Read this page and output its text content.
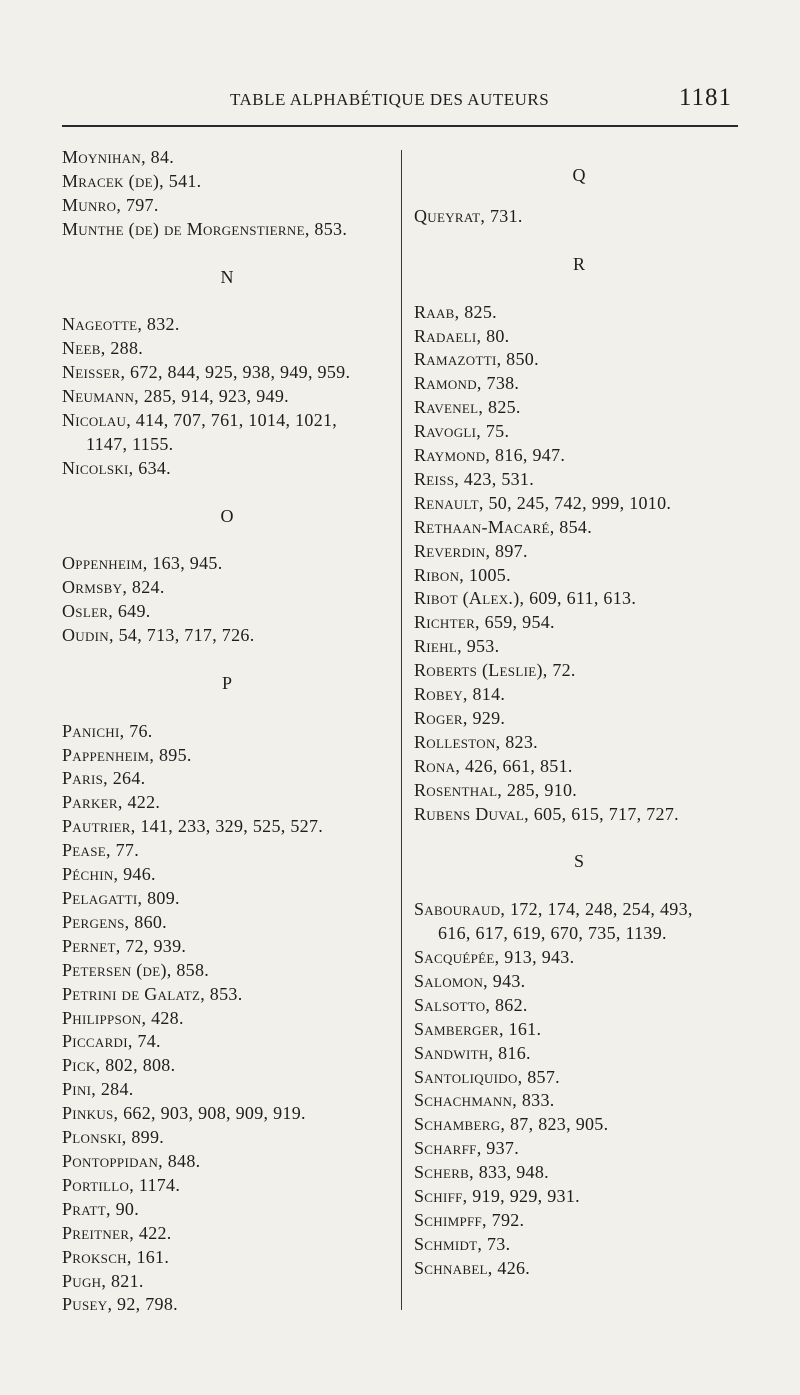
TABLE ALPHABÉTIQUE DES AUTEURS	1181
Moynihan, 84.
Mracek (de), 541.
Munro, 797.
Munthe (de) de Morgenstierne, 853.
N
Nageotte, 832.
Neeb, 288.
Neisser, 672, 844, 925, 938, 949, 959.
Neumann, 285, 914, 923, 949.
Nicolau, 414, 707, 761, 1014, 1021,
1147, 1155.
Nicolski, 634.
O
Oppenheim, 163, 945.
Ormsby, 824.
Osler, 649.
Oudin, 54, 713, 717, 726.
P
Panichi, 76.
Pappenheim, 895.
Paris, 264.
Parker, 422.
Pautrier, 141, 233, 329, 525, 527.
Pease, 77.
Péchin, 946.
Pelagatti, 809.
Pergens, 860.
Pernet, 72, 939.
Petersen (de), 858.
Petrini de Galatz, 853.
Philippson, 428.
Piccardi, 74.
Pick, 802, 808.
Pini, 284.
Pinkus, 662, 903, 908, 909, 919.
Plonski, 899.
Pontoppidan, 848.
Portillo, 1174.
Pratt, 90.
Preitner, 422.
Proksch, 161.
Pugh, 821.
Pusey, 92, 798.
Q
Queyrat, 731.
R
Raab, 825.
Radaeli, 80.
Ramazotti, 850.
Ramond, 738.
Ravenel, 825.
Ravogli, 75.
Raymond, 816, 947.
Reiss, 423, 531.
Renault, 50, 245, 742, 999, 1010.
Rethaan-Macaré, 854.
Reverdin, 897.
Ribon, 1005.
Ribot (Alex.), 609, 611, 613.
Richter, 659, 954.
Riehl, 953.
Roberts (Leslie), 72.
Robey, 814.
Roger, 929.
Rolleston, 823.
Rona, 426, 661, 851.
Rosenthal, 285, 910.
Rubens Duval, 605, 615, 717, 727.
S
Sabouraud, 172, 174, 248, 254, 493,
616, 617, 619, 670, 735, 1139.
Sacquépée, 913, 943.
Salomon, 943.
Salsotto, 862.
Samberger, 161.
Sandwith, 816.
Santoliquido, 857.
Schachmann, 833.
Schamberg, 87, 823, 905.
Scharff, 937.
Scherb, 833, 948.
Schiff, 919, 929, 931.
Schimpff, 792.
Schmidt, 73.
Schnabel, 426.
